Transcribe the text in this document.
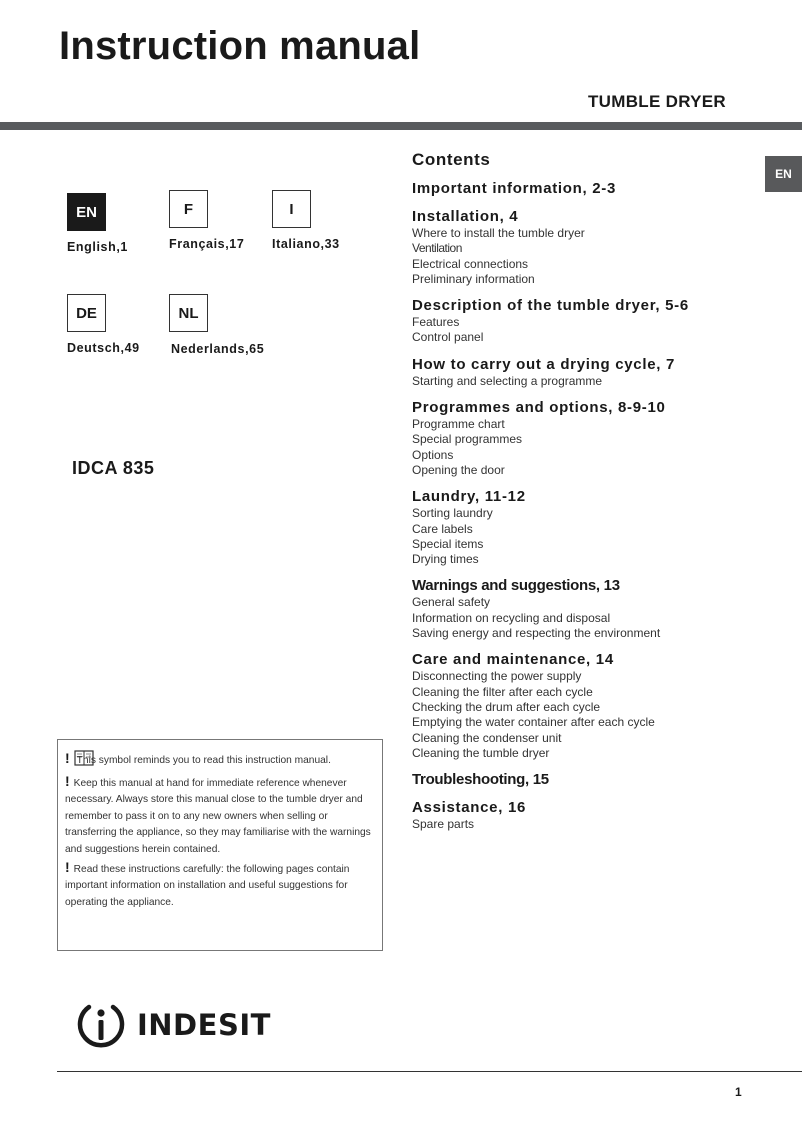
Instruction manual
TUMBLE DRYER
EN
EN
English,1
F
Français,17
I
Italiano,33
DE
Deutsch,49
NL
Nederlands,65
IDCA 835

! This symbol reminds you to read this instruction manual.

! Keep this manual at hand for immediate reference whenever necessary. Always store this manual close to the tumble dryer and remember to pass it on to any new owners when selling or transferring the appliance, so they may familiarise with the warnings and suggestions herein contained.

! Read these instructions carefully: the following pages contain important information on installation and useful suggestions for operating the appliance.

Contents
Important information, 2-3
Installation, 4
Where to install the tumble dryer
Ventilation
Electrical connections
Preliminary information
Description of the tumble dryer, 5-6
Features
Control panel
How to carry out a drying cycle, 7
Starting and selecting a programme
Programmes and options, 8-9-10
Programme chart
Special programmes
Options
Opening the door
Laundry, 11-12
Sorting laundry
Care labels
Special items
Drying times
Warnings and suggestions, 13
General safety
Information on recycling and disposal
Saving energy and respecting the environment
Care and maintenance, 14
Disconnecting the power supply
Cleaning the filter after each cycle
Checking the drum after each cycle
Emptying the water container after each cycle
Cleaning the condenser unit
Cleaning the tumble dryer
Troubleshooting, 15
Assistance, 16
Spare parts
INDESIT
1
